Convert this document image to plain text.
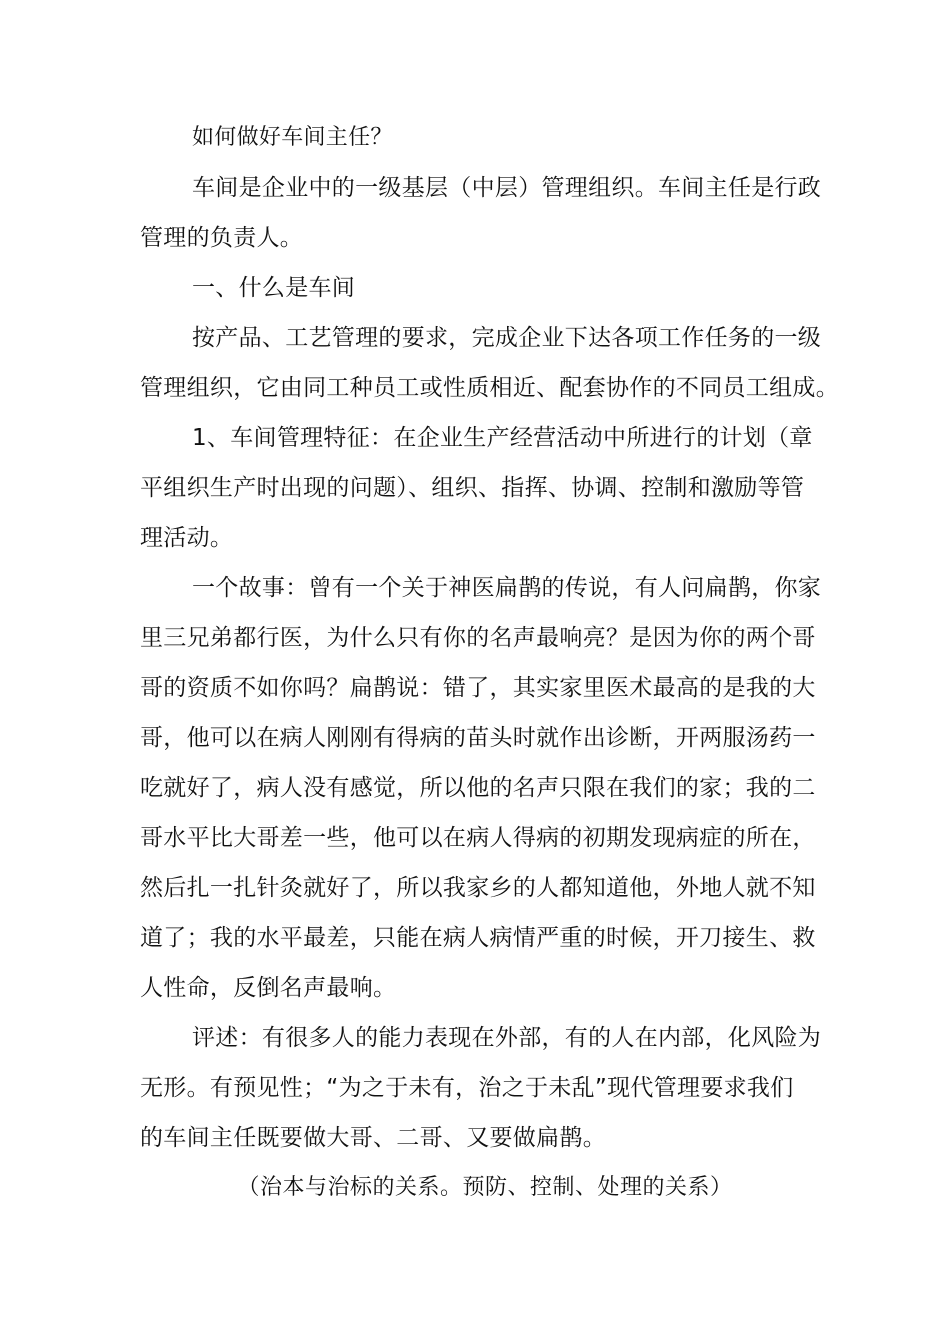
如何做好车间主任？
车间是企业中的一级基层（中层）管理组织。车间主任是行政
管理的负责人。
一、什么是车间
按产品、工艺管理的要求，完成企业下达各项工作任务的一级
管理组织，它由同工种员工或性质相近、配套协作的不同员工组成。
1、车间管理特征：在企业生产经营活动中所进行的计划（章
平组织生产时出现的问题）、组织、指挥、协调、控制和激励等管
理活动。
一个故事：曾有一个关于神医扁鹊的传说，有人问扁鹊，你家
里三兄弟都行医，为什么只有你的名声最响亮？是因为你的两个哥
哥的资质不如你吗？扁鹊说：错了，其实家里医术最高的是我的大
哥，他可以在病人刚刚有得病的苗头时就作出诊断，开两服汤药一
吃就好了，病人没有感觉，所以他的名声只限在我们的家；我的二
哥水平比大哥差一些，他可以在病人得病的初期发现病症的所在，
然后扎一扎针灸就好了，所以我家乡的人都知道他，外地人就不知
道了；我的水平最差，只能在病人病情严重的时候，开刀接生、救
人性命，反倒名声最响。
评述：有很多人的能力表现在外部，有的人在内部，化风险为
无形。有预见性；“为之于未有，治之于未乱”现代管理要求我们
的车间主任既要做大哥、二哥、又要做扁鹊。
（治本与治标的关系。预防、控制、处理的关系）
